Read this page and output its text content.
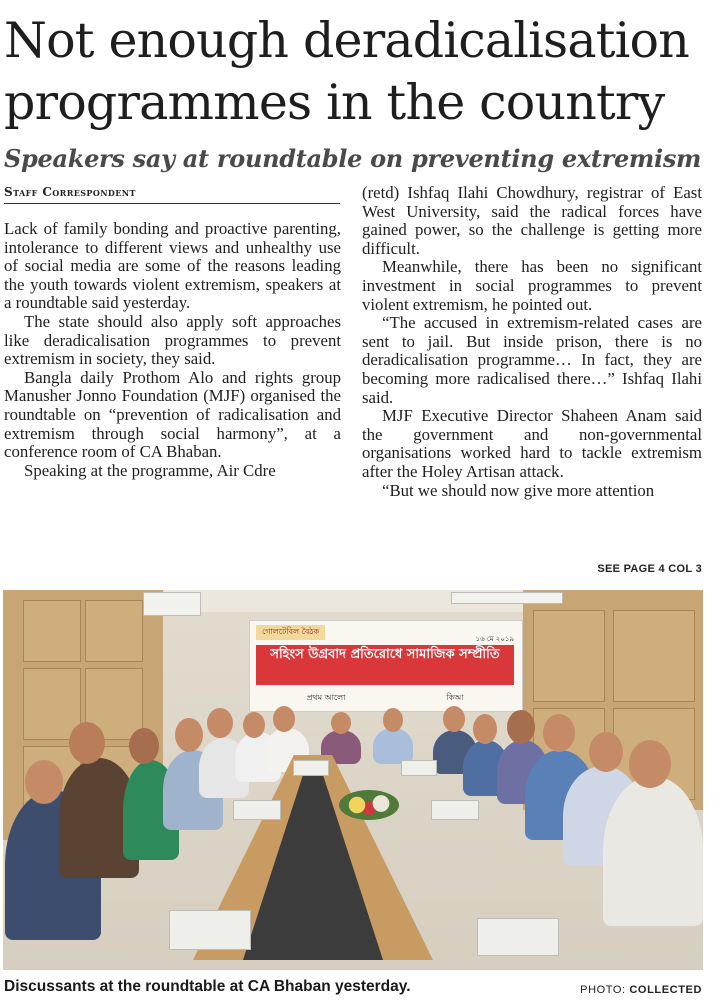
Not enough deradicalisation programmes in the country
Speakers say at roundtable on preventing extremism
Staff Correspondent

Lack of family bonding and proactive parenting, intolerance to different views and unhealthy use of social media are some of the reasons leading the youth towards violent extremism, speakers at a roundtable said yesterday.

The state should also apply soft approaches like deradicalisation programmes to prevent extremism in society, they said.

Bangla daily Prothom Alo and rights group Manusher Jonno Foundation (MJF) organised the roundtable on “prevention of radicalisation and extremism through social harmony”, at a conference room of CA Bhaban.

Speaking at the programme, Air Cdre

(retd) Ishfaq Ilahi Chowdhury, registrar of East West University, said the radical forces have gained power, so the challenge is getting more difficult.

Meanwhile, there has been no significant investment in social programmes to prevent violent extremism, he pointed out.

“The accused in extremism-related cases are sent to jail. But inside prison, there is no deradicalisation programme… In fact, they are becoming more radicalised there…” Ishfaq Ilahi said.

MJF Executive Director Shaheen Anam said the government and non-governmental organisations worked hard to tackle extremism after the Holey Artisan attack.

“But we should now give more attention

SEE PAGE 4 COL 3
গোলটেবিল বৈঠক
১৬ মে ২০১৯
সহিংস উগ্রবাদ প্রতিরোধে সামাজিক সম্প্রীতি
প্রথম আলো	কিআ
Discussants at the roundtable at CA Bhaban yesterday.	PHOTO: COLLECTED
